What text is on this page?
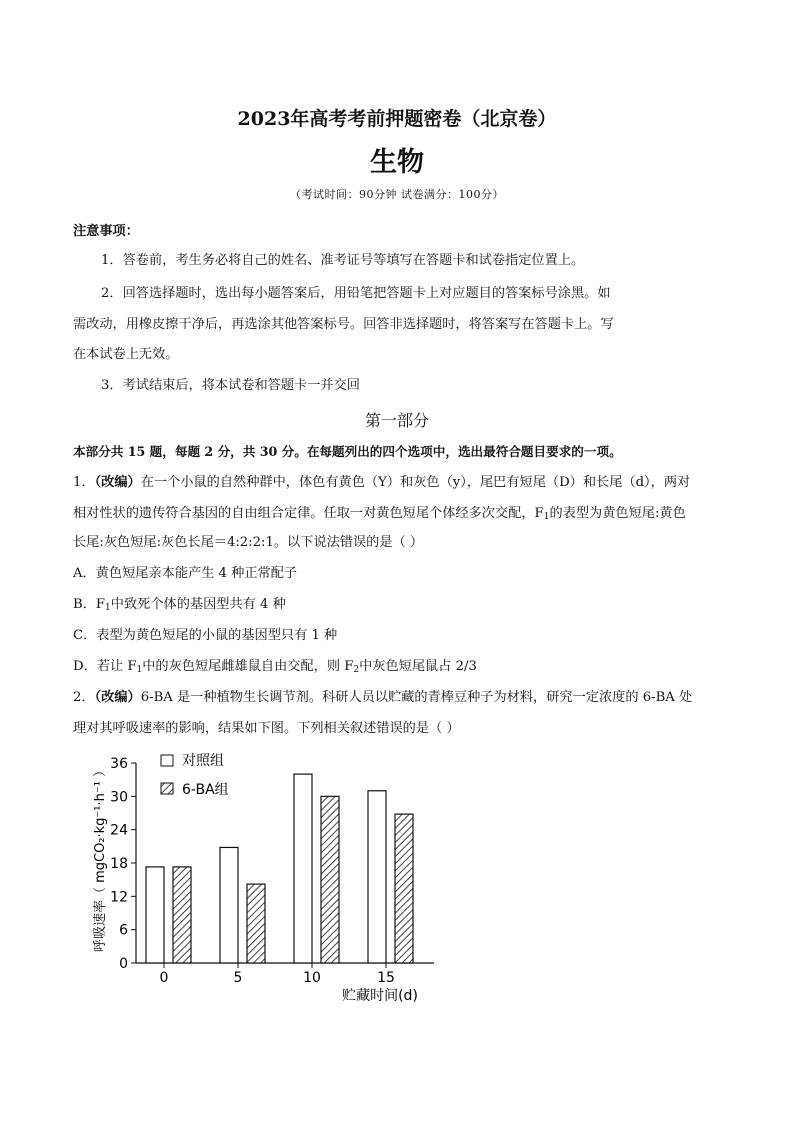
2023年高考考前押题密卷（北京卷）
生物
（考试时间：90分钟 试卷满分：100分）
注意事项：
1．答卷前，考生务必将自己的姓名、准考证号等填写在答题卡和试卷指定位置上。
2．回答选择题时，选出每小题答案后，用铅笔把答题卡上对应题目的答案标号涂黑。如
需改动，用橡皮擦干净后，再选涂其他答案标号。回答非选择题时，将答案写在答题卡上。写
在本试卷上无效。
3．考试结束后，将本试卷和答题卡一并交回
第一部分
本部分共 15 题，每题 2 分，共 30 分。在每题列出的四个选项中，选出最符合题目要求的一项。
1．（改编）在一个小鼠的自然种群中，体色有黄色（Y）和灰色（y），尾巴有短尾（D）和长尾（d），两对
相对性状的遗传符合基因的自由组合定律。任取一对黄色短尾个体经多次交配，$F_1$的表型为黄色短尾:黄色
长尾:灰色短尾:灰色长尾＝4:2:2:1。以下说法错误的是（ ）
A．黄色短尾亲本能产生 4 种正常配子
B．$F_1$中致死个体的基因型共有 4 种
C．表型为黄色短尾的小鼠的基因型只有 1 种
D．若让 $F_1$中的灰色短尾雌雄鼠自由交配，则 $F_2$中灰色短尾鼠占 2/3
2．（改编）6-BA 是一种植物生长调节剂。科研人员以贮藏的青棒豆种子为材料，研究一定浓度的 6-BA 处
理对其呼吸速率的影响，结果如下图。下列相关叙述错误的是（ ）
0
6
12
18
24
30
36
0	5	10	15
呼吸速率（ mgCO₂·kg⁻¹·h⁻¹ ）
贮藏时间(d)
对照组
6-BA组
